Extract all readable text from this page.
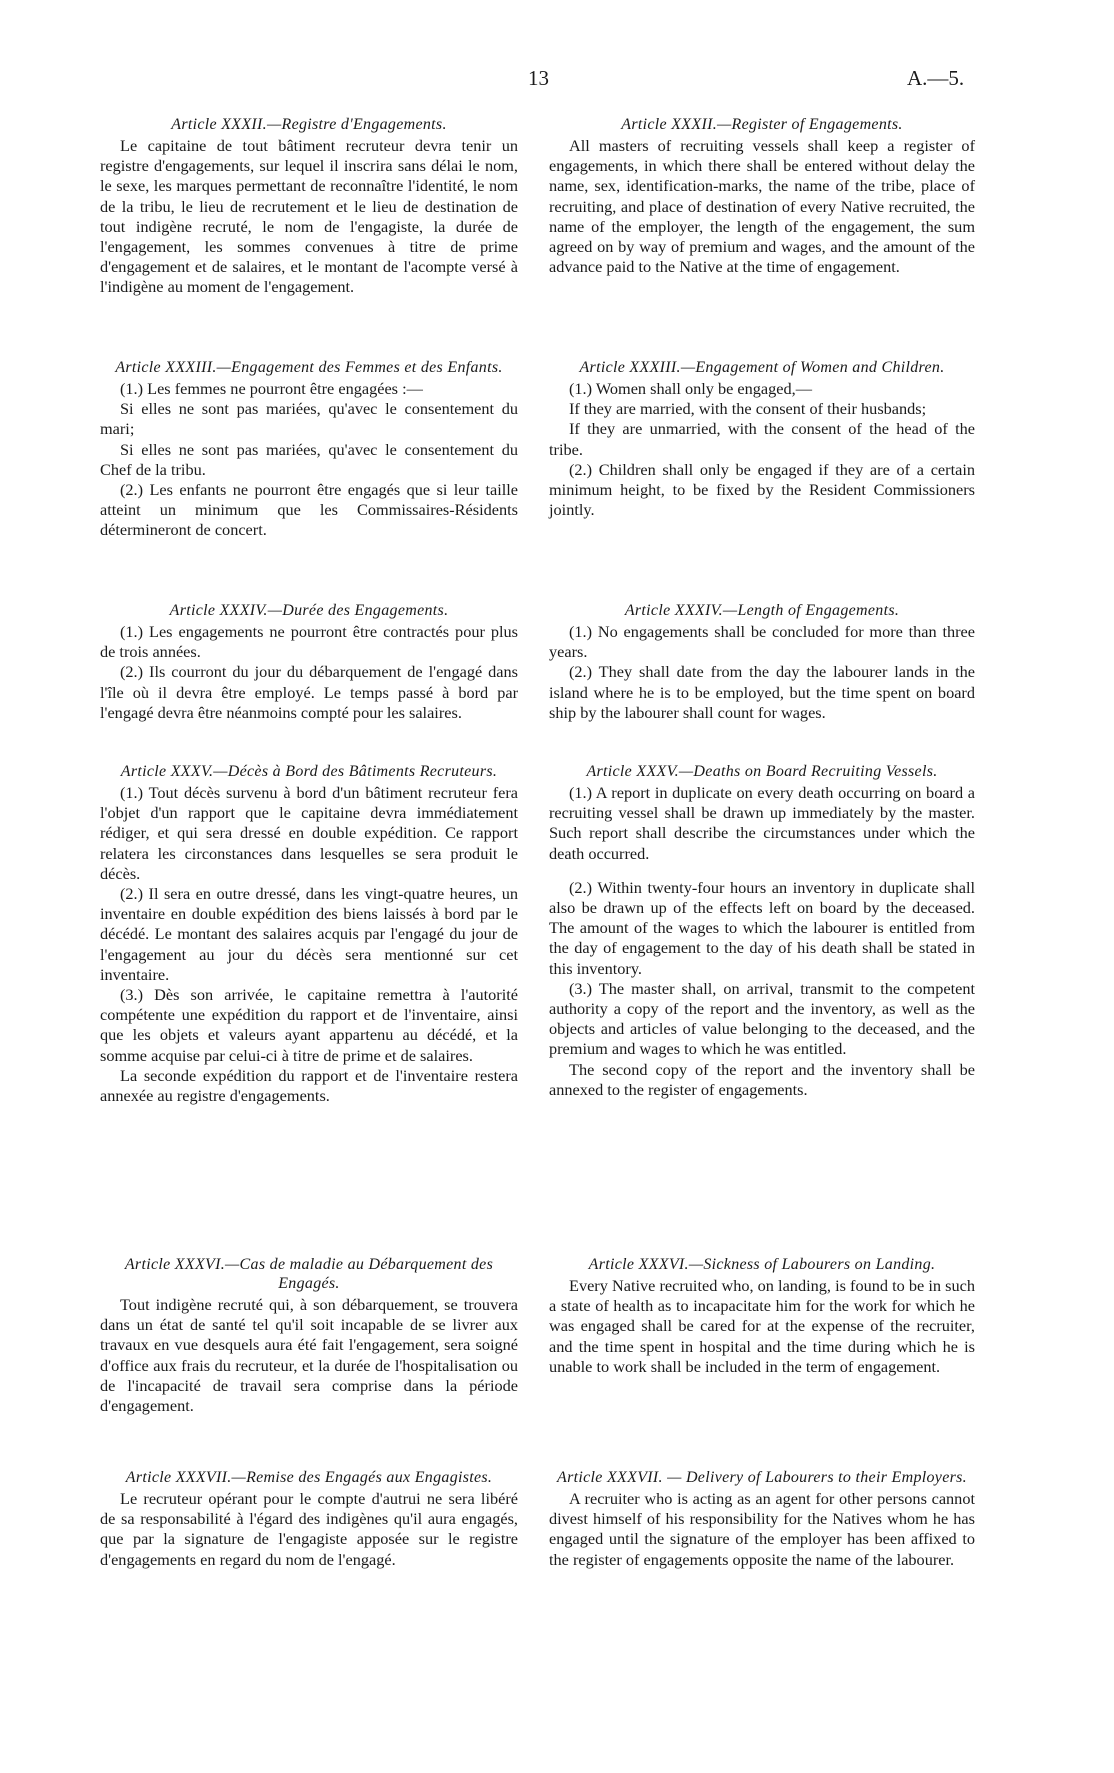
13	A.—5.
Article XXXII.—Registre d'Engagements.

Le capitaine de tout bâtiment recruteur devra tenir un registre d'engagements, sur lequel il inscrira sans délai le nom, le sexe, les marques permettant de reconnaître l'identité, le nom de la tribu, le lieu de recrutement et le lieu de destination de tout indigène recruté, le nom de l'engagiste, la durée de l'engagement, les sommes convenues à titre de prime d'engagement et de salaires, et le montant de l'acompte versé à l'indigène au moment de l'engagement.

Article XXXII.—Register of Engagements.

All masters of recruiting vessels shall keep a register of engagements, in which there shall be entered without delay the name, sex, identification-marks, the name of the tribe, place of recruiting, and place of destination of every Native recruited, the name of the employer, the length of the engagement, the sum agreed on by way of premium and wages, and the amount of the advance paid to the Native at the time of engagement.

Article XXXIII.—Engagement des Femmes et des Enfants.

(1.) Les femmes ne pourront être engagées :—

Si elles ne sont pas mariées, qu'avec le consentement du mari;

Si elles ne sont pas mariées, qu'avec le consentement du Chef de la tribu.

(2.) Les enfants ne pourront être engagés que si leur taille atteint un minimum que les Commissaires-Résidents détermineront de concert.

Article XXXIII.—Engagement of Women and Children.

(1.) Women shall only be engaged,—

If they are married, with the consent of their husbands;

If they are unmarried, with the consent of the head of the tribe.

(2.) Children shall only be engaged if they are of a certain minimum height, to be fixed by the Resident Commissioners jointly.

Article XXXIV.—Durée des Engagements.

(1.) Les engagements ne pourront être contractés pour plus de trois années.

(2.) Ils courront du jour du débarquement de l'engagé dans l'île où il devra être employé. Le temps passé à bord par l'engagé devra être néanmoins compté pour les salaires.

Article XXXIV.—Length of Engagements.

(1.) No engagements shall be concluded for more than three years.

(2.) They shall date from the day the labourer lands in the island where he is to be employed, but the time spent on board ship by the labourer shall count for wages.

Article XXXV.—Décès à Bord des Bâtiments Recruteurs.

(1.) Tout décès survenu à bord d'un bâtiment recruteur fera l'objet d'un rapport que le capitaine devra immédiatement rédiger, et qui sera dressé en double expédition. Ce rapport relatera les circonstances dans lesquelles se sera produit le décès.

(2.) Il sera en outre dressé, dans les vingt-quatre heures, un inventaire en double expédition des biens laissés à bord par le décédé. Le montant des salaires acquis par l'engagé du jour de l'engagement au jour du décès sera mentionné sur cet inventaire.

(3.) Dès son arrivée, le capitaine remettra à l'autorité compétente une expédition du rapport et de l'inventaire, ainsi que les objets et valeurs ayant appartenu au décédé, et la somme acquise par celui-ci à titre de prime et de salaires.

La seconde expédition du rapport et de l'inventaire restera annexée au registre d'engagements.

Article XXXV.—Deaths on Board Recruiting Vessels.

(1.) A report in duplicate on every death occurring on board a recruiting vessel shall be drawn up immediately by the master. Such report shall describe the circumstances under which the death occurred.

(2.) Within twenty-four hours an inventory in duplicate shall also be drawn up of the effects left on board by the deceased. The amount of the wages to which the labourer is entitled from the day of engagement to the day of his death shall be stated in this inventory.

(3.) The master shall, on arrival, transmit to the competent authority a copy of the report and the inventory, as well as the objects and articles of value belonging to the deceased, and the premium and wages to which he was entitled.

The second copy of the report and the inventory shall be annexed to the register of engagements.

Article XXXVI.—Cas de maladie au Débarquement des Engagés.

Tout indigène recruté qui, à son débarquement, se trouvera dans un état de santé tel qu'il soit incapable de se livrer aux travaux en vue desquels aura été fait l'engagement, sera soigné d'office aux frais du recruteur, et la durée de l'hospitalisation ou de l'incapacité de travail sera comprise dans la période d'engagement.

Article XXXVI.—Sickness of Labourers on Landing.

Every Native recruited who, on landing, is found to be in such a state of health as to incapacitate him for the work for which he was engaged shall be cared for at the expense of the recruiter, and the time spent in hospital and the time during which he is unable to work shall be included in the term of engagement.

Article XXXVII.—Remise des Engagés aux Engagistes.

Le recruteur opérant pour le compte d'autrui ne sera libéré de sa responsabilité à l'égard des indigènes qu'il aura engagés, que par la signature de l'engagiste apposée sur le registre d'engagements en regard du nom de l'engagé.

Article XXXVII. — Delivery of Labourers to their Employers.

A recruiter who is acting as an agent for other persons cannot divest himself of his responsibility for the Natives whom he has engaged until the signature of the employer has been affixed to the register of engagements opposite the name of the labourer.
